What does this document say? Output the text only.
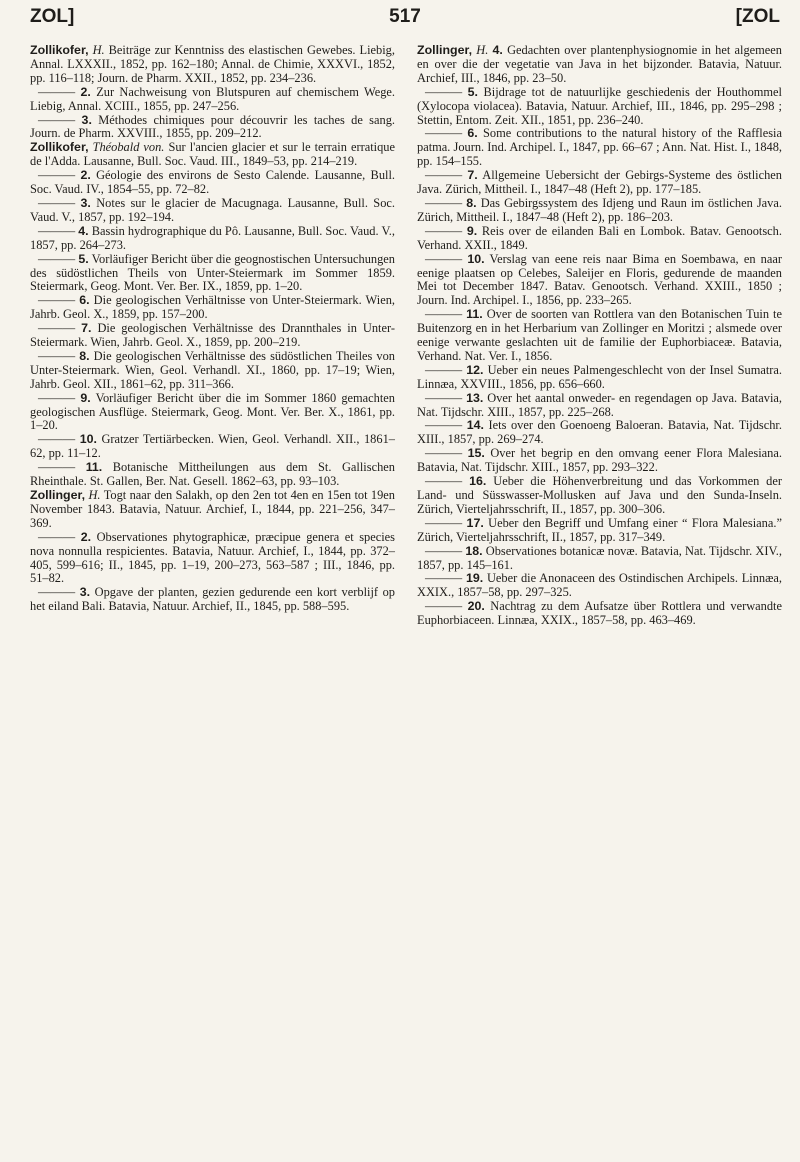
ZOL]	517	[ZOL

Zollikofer, H. Beiträge zur Kenntniss des elastischen Gewebes. Liebig, Annal. LXXXII., 1852, pp. 162–180; Annal. de Chimie, XXXVI., 1852, pp. 116–118; Journ. de Pharm. XXII., 1852, pp. 234–236.

——— 2. Zur Nachweisung von Blutspuren auf chemischem Wege. Liebig, Annal. XCIII., 1855, pp. 247–256.

——— 3. Méthodes chimiques pour découvrir les taches de sang. Journ. de Pharm. XXVIII., 1855, pp. 209–212.

Zollikofer, Théobald von. Sur l'ancien glacier et sur le terrain erratique de l'Adda. Lausanne, Bull. Soc. Vaud. III., 1849–53, pp. 214–219.

——— 2. Géologie des environs de Sesto Calende. Lausanne, Bull. Soc. Vaud. IV., 1854–55, pp. 72–82.

——— 3. Notes sur le glacier de Macugnaga. Lausanne, Bull. Soc. Vaud. V., 1857, pp. 192–194.

——— 4. Bassin hydrographique du Pô. Lausanne, Bull. Soc. Vaud. V., 1857, pp. 264–273.

——— 5. Vorläufiger Bericht über die geognostischen Untersuchungen des südöstlichen Theils von Unter-Steiermark im Sommer 1859. Steiermark, Geog. Mont. Ver. Ber. IX., 1859, pp. 1–20.

——— 6. Die geologischen Verhältnisse von Unter-Steiermark. Wien, Jahrb. Geol. X., 1859, pp. 157–200.

——— 7. Die geologischen Verhältnisse des Drannthales in Unter-Steiermark. Wien, Jahrb. Geol. X., 1859, pp. 200–219.

——— 8. Die geologischen Verhältnisse des südöstlichen Theiles von Unter-Steiermark. Wien, Geol. Verhandl. XI., 1860, pp. 17–19; Wien, Jahrb. Geol. XII., 1861–62, pp. 311–366.

——— 9. Vorläufiger Bericht über die im Sommer 1860 gemachten geologischen Ausflüge. Steiermark, Geog. Mont. Ver. Ber. X., 1861, pp. 1–20.

——— 10. Gratzer Tertiärbecken. Wien, Geol. Verhandl. XII., 1861–62, pp. 11–12.

——— 11. Botanische Mittheilungen aus dem St. Gallischen Rheinthale. St. Gallen, Ber. Nat. Gesell. 1862–63, pp. 93–103.

Zollinger, H. Togt naar den Salakh, op den 2en tot 4en en 15en tot 19en November 1843. Batavia, Natuur. Archief, I., 1844, pp. 221–256, 347–369.

——— 2. Observationes phytographicæ, præcipue genera et species nova nonnulla respicientes. Batavia, Natuur. Archief, I., 1844, pp. 372–405, 599–616; II., 1845, pp. 1–19, 200–273, 563–587 ; III., 1846, pp. 51–82.

——— 3. Opgave der planten, gezien gedurende een kort verblijf op het eiland Bali. Batavia, Natuur. Archief, II., 1845, pp. 588–595.

Zollinger, H. 4. Gedachten over plantenphysiognomie in het algemeen en over die der vegetatie van Java in het bijzonder. Batavia, Natuur. Archief, III., 1846, pp. 23–50.

——— 5. Bijdrage tot de natuurlijke geschiedenis der Houthommel (Xylocopa violacea). Batavia, Natuur. Archief, III., 1846, pp. 295–298 ; Stettin, Entom. Zeit. XII., 1851, pp. 236–240.

——— 6. Some contributions to the natural history of the Rafflesia patma. Journ. Ind. Archipel. I., 1847, pp. 66–67 ; Ann. Nat. Hist. I., 1848, pp. 154–155.

——— 7. Allgemeine Uebersicht der Gebirgs-Systeme des östlichen Java. Zürich, Mittheil. I., 1847–48 (Heft 2), pp. 177–185.

——— 8. Das Gebirgssystem des Idjeng und Raun im östlichen Java. Zürich, Mittheil. I., 1847–48 (Heft 2), pp. 186–203.

——— 9. Reis over de eilanden Bali en Lombok. Batav. Genootsch. Verhand. XXII., 1849.

——— 10. Verslag van eene reis naar Bima en Soembawa, en naar eenige plaatsen op Celebes, Saleijer en Floris, gedurende de maanden Mei tot December 1847. Batav. Genootsch. Verhand. XXIII., 1850 ; Journ. Ind. Archipel. I., 1856, pp. 233–265.

——— 11. Over de soorten van Rottlera van den Botanischen Tuin te Buitenzorg en in het Herbarium van Zollinger en Moritzi ; alsmede over eenige verwante geslachten uit de familie der Euphorbiaceæ. Batavia, Verhand. Nat. Ver. I., 1856.

——— 12. Ueber ein neues Palmengeschlecht von der Insel Sumatra. Linnæa, XXVIII., 1856, pp. 656–660.

——— 13. Over het aantal onweder- en regendagen op Java. Batavia, Nat. Tijdschr. XIII., 1857, pp. 225–268.

——— 14. Iets over den Goenoeng Baloeran. Batavia, Nat. Tijdschr. XIII., 1857, pp. 269–274.

——— 15. Over het begrip en den omvang eener Flora Malesiana. Batavia, Nat. Tijdschr. XIII., 1857, pp. 293–322.

——— 16. Ueber die Höhenverbreitung und das Vorkommen der Land- und Süsswasser-Mollusken auf Java und den Sunda-Inseln. Zürich, Vierteljahrsschrift, II., 1857, pp. 300–306.

——— 17. Ueber den Begriff und Umfang einer “ Flora Malesiana.” Zürich, Vierteljahrsschrift, II., 1857, pp. 317–349.

——— 18. Observationes botanicæ novæ. Batavia, Nat. Tijdschr. XIV., 1857, pp. 145–161.

——— 19. Ueber die Anonaceen des Ostindischen Archipels. Linnæa, XXIX., 1857–58, pp. 297–325.

——— 20. Nachtrag zu dem Aufsatze über Rottlera und verwandte Euphorbiaceen. Linnæa, XXIX., 1857–58, pp. 463–469.
